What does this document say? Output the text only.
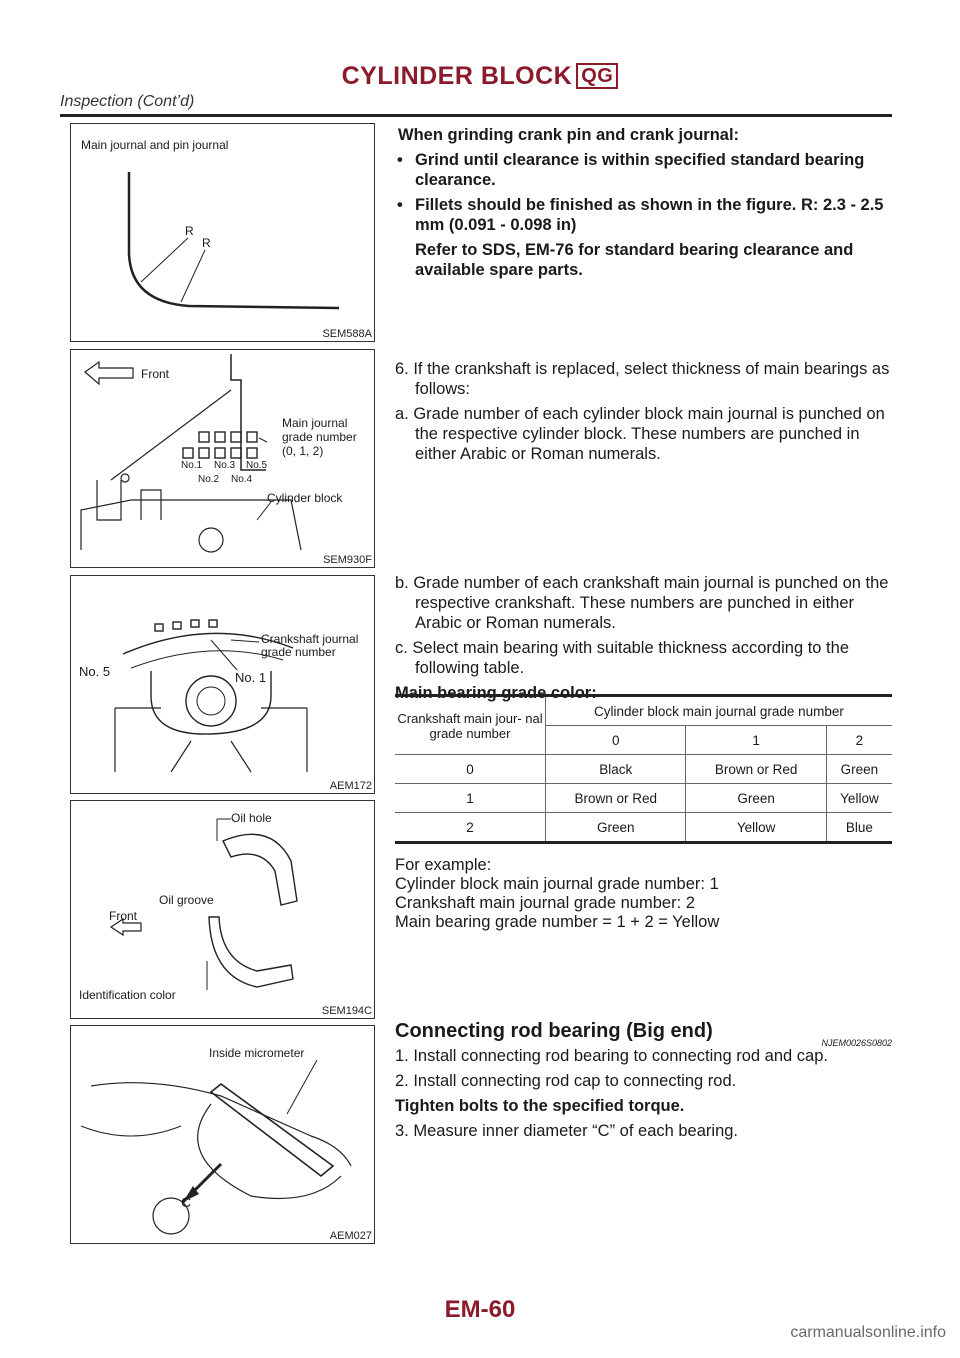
CYLINDER BLOCK QG
Inspection (Cont’d)
Main journal and pin journal
R
R
SEM588A
When grinding crank pin and crank journal:
• Grind until clearance is within specified standard bearing clearance.
• Fillets should be finished as shown in the figure. R: 2.3 - 2.5 mm (0.091 - 0.098 in)
Refer to SDS, EM-76 for standard bearing clearance and available spare parts.
Front
Main journal
grade number
(0, 1, 2)
No.1 No.3 No.5
No.2 No.4
Cylinder block
SEM930F
6. If the crankshaft is replaced, select thickness of main bearings as follows:
a. Grade number of each cylinder block main journal is punched on the respective cylinder block. These numbers are punched in either Arabic or Roman numerals.
No. 5	No. 1
Crankshaft journal
grade number
AEM172
Oil hole
Oil groove
Front
Identification color
SEM194C
b. Grade number of each crankshaft main journal is punched on the respective crankshaft. These numbers are punched in either Arabic or Roman numerals.
c. Select main bearing with suitable thickness according to the following table.
Main bearing grade color:
Crankshaft main jour- nal grade number	Cylinder block main journal grade number		
	0	1	2
0	Black	Brown or Red	Green
1	Brown or Red	Green	Yellow
2	Green	Yellow	Blue
For example:
Cylinder block main journal grade number: 1
Crankshaft main journal grade number: 2
Main bearing grade number = 1 + 2 = Yellow
Inside micrometer
C
AEM027
Connecting rod bearing (Big end)
NJEM0026S0802
1. Install connecting rod bearing to connecting rod and cap.
2. Install connecting rod cap to connecting rod.
Tighten bolts to the specified torque.
3. Measure inner diameter “C” of each bearing.
EM-60
carmanualsonline.info
